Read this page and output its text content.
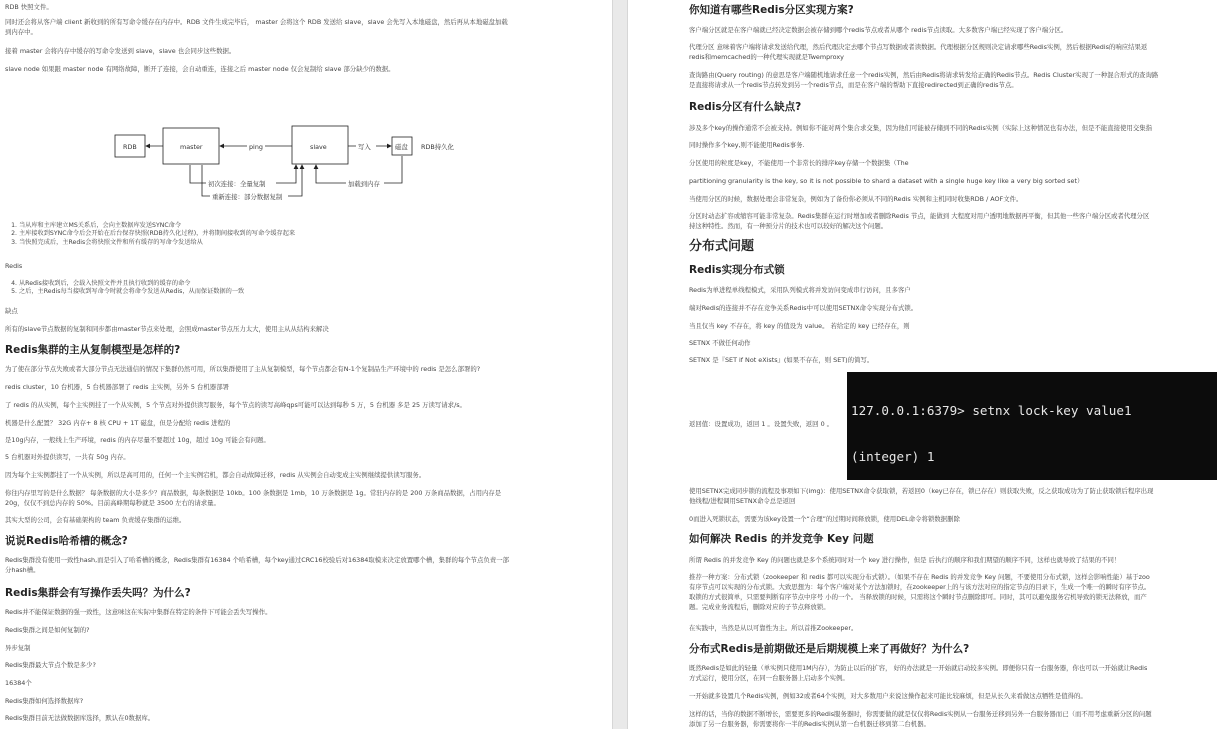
RDB 快照文件。

同时还会将从客户端 client 新收到的所有写命令缓存在内存中。RDB 文件生成完毕后， master 会将这个 RDB 发送给 slave，slave 会先写入本地磁盘，然后再从本地磁盘加载

到内存中。

接着 master 会将内存中缓存的写命令发送到 slave，slave 也会同步这些数据。

slave node 如果跟 master node 有网络故障，断开了连接，会自动重连，连接之后 master node 仅会复制给 slave 部分缺少的数据。

RDB	master	slave	磁盘 RDB持久化
ping	写入
初次连接：全量复制
重新连接：部分数据复制
加载到内存
1. 当从库和主库建立MS关系后，会向主数据库发送SYNC命令
2. 主库接收到SYNC命令后会开始在后台保存快照(RDB持久化过程)，并将期间接收到的写命令缓存起来
3. 当快照完成后，主Redis会将快照文件和所有缓存的写命令发送给从

Redis

4. 从Redis接收到后，会载入快照文件并且执行收到的缓存的命令
5. 之后，主Redis每当接收到写命令时就会将命令发送从Redis，从而保证数据的一致

缺点

所有的slave节点数据的复制和同步都由master节点来处理，会照成master节点压力太大，使用主从从结构来解决

Redis集群的主从复制模型是怎样的?

为了使在部分节点失败或者大部分节点无法通信的情况下集群仍然可用，所以集群使用了主从复制模型，每个节点都会有N-1个复制品生产环境中的 redis 是怎么部署的?

redis cluster，10 台机器，5 台机器部署了 redis 主实例，另外 5 台机器部署

了 redis 的从实例，每个主实例挂了一个从实例，5 个节点对外提供读写服务，每个节点的读写高峰qps可能可以达到每秒 5 万，5 台机器 多是 25 万读写请求/s。

机器是什么配置？ 32G 内存+ 8 核 CPU + 1T 磁盘，但是分配给 redis 进程的

是10g内存，一般线上生产环境，redis 的内存尽量不要超过 10g，超过 10g 可能会有问题。

5 台机器对外提供读写，一共有 50g 内存。

因为每个主实例都挂了一个从实例，所以是高可用的，任何一个主实例宕机，都会自动故障迁移，redis 从实例会自动变成主实例继续提供读写服务。

你往内存里写的是什么数据？ 每条数据的大小是多少？商品数据，每条数据是 10kb。100 条数据是 1mb，10 万条数据是 1g。常驻内存的是 200 万条商品数据，占用内存是

20g，仅仅不到总内存的 50%。目前高峰期每秒就是 3500 左右的请求量。

其实大型的公司，会有基础架构的 team 负责缓存集群的运维。

说说Redis哈希槽的概念?

Redis集群没有使用一致性hash,而是引入了哈希槽的概念，Redis集群有16384 个哈希槽，每个key通过CRC16校验后对16384取模来决定放置哪个槽，集群的每个节点负责一部

分hash槽。

Redis集群会有写操作丢失吗？为什么?

Redis并不能保证数据的强一致性，这意味这在实际中集群在特定的条件下可能会丢失写操作。

Redis集群之间是如何复制的?

异步复制

Redis集群最大节点个数是多少?

16384个

Redis集群如何选择数据库?

Redis集群目前无法做数据库选择，默认在0数据库。

你知道有哪些Redis分区实现方案?

客户端分区就是在客户端就已经决定数据会被存储到哪个redis节点或者从哪个 redis节点读取。大多数客户端已经实现了客户端分区。

代理分区 意味着客户端将请求发送给代理，然后代理决定去哪个节点写数据或者读数据。代理根据分区规则决定请求哪些Redis实例，然后根据Redis的响应结果返

redis和memcached的一种代理实现就是Twemproxy

查询路由(Query routing) 的意思是客户端随机地请求任意一个redis实例，然后由Redis将请求转发给正确的Redis节点。Redis Cluster实现了一种混合形式的查询路

是直接将请求从一个redis节点转发到另一个redis节点，而是在客户端的帮助下直接redirected到正确的redis节点。

Redis分区有什么缺点?

涉及多个key的操作通常不会被支持。例如你不能对两个集合求交集，因为他们可能被存储到不同的Redis实例（实际上这种情况也有办法，但是不能直接使用交集指

同时操作多个key,则不能使用Redis事务.

分区使用的粒度是key，不能使用一个非常长的排序key存储一个数据集（The

partitioning granularity is the key, so it is not possible to shard a dataset with a single huge key like a very big sorted set）

当使用分区的时候，数据处理会非常复杂，例如为了备份你必须从不同的Redis 实例和主机同时收集RDB / AOF文件。

分区时动态扩容或缩容可能非常复杂。Redis集群在运行时增加或者删除Redis 节点，能做到 大程度对用户透明地数据再平衡，但其他一些客户端分区或者代理分区

持这种特性。然而，有一种预分片的技术也可以较好的解决这个问题。

分布式问题
Redis实现分布式锁

Redis为单进程单线程模式，采用队列模式将并发访问变成串行访问，且多客户

端对Redis的连接并不存在竞争关系Redis中可以使用SETNX命令实现分布式锁。

当且仅当 key 不存在，将 key 的值设为 value。 若给定的 key 已经存在，则

SETNX 不做任何动作

SETNX 是『SET if Not eXists』(如果不存在，则 SET)的简写。

返回值：设置成功，返回 1 。设置失败，返回 0 。

127.0.0.1:6379> setnx lock-key value1

(integer) 1

使用SETNX完成同步锁的流程及事项如下(img)：使用SETNX命令获取锁，若返回0（key已存在，锁已存在）则获取失败，反之获取成功为了防止获取锁后程序出现

他线程/进程调用SETNX命令总是返回

0而进入死锁状态，需要为该key设置一个“合理”的过期时间释放锁，使用DEL命令将锁数据删除

如何解决 Redis 的并发竞争 Key 问题

所谓 Redis 的并发竞争 Key 的问题也就是多个系统同时对一个 key 进行操作，但是 后执行的顺序和我们期望的顺序不同，这样也就导致了结果的不同！

推荐一种方案：分布式锁（zookeeper 和 redis 都可以实现分布式锁）。（如果不存在 Redis 的并发竞争 Key 问题，不要使用分布式锁，这样会影响性能）基于zoo

有序节点可以实现的分布式锁。大致思想为：每个客户端对某个方法加锁时，在zookeeper上的与该方法对应的指定节点的目录下，生成一个唯一的瞬时有序节点。

取锁的方式很简单，只需要判断有序节点中序号 小的一个。 当释放锁的时候，只需将这个瞬时节点删除即可。同时，其可以避免服务宕机导致的锁无法释放，而产

题。完成业务流程后，删除对应的子节点释放锁。

在实践中，当然是从以可靠性为主。所以首推Zookeeper。

分布式Redis是前期做还是后期规模上来了再做好？为什么?

既然Redis是如此的轻量（单实例只使用1M内存），为防止以后的扩容， 好的办法就是一开始就启动较多实例。即便你只有一台服务器，你也可以一开始就让Redis

方式运行，使用分区，在同一台服务器上启动多个实例。

一开始就多设置几个Redis实例，例如32或者64个实例，对大多数用户来说这操作起来可能比较麻烦，但是从长久来看做这点牺牲是值得的。

这样的话，当你的数据不断增长，需要更多的Redis服务器时，你需要做的就是仅仅将Redis实例从一台服务迁移到另外一台服务器而已（而不用考虑重新分区的问题

添加了另一台服务器，你需要将你一半的Redis实例从第一台机器迁移到第二台机器。
